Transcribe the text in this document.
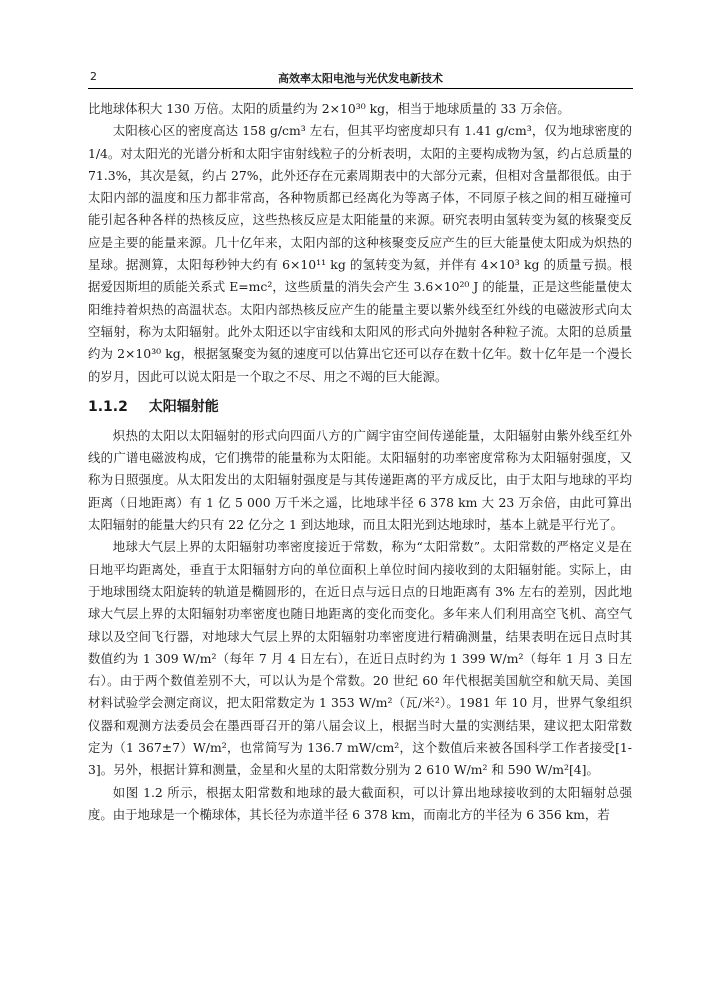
2	高效率太阳电池与光伏发电新技术

比地球体积大 130 万倍。太阳的质量约为 2×10³⁰ kg，相当于地球质量的 33 万余倍。

太阳核心区的密度高达 158 g/cm³ 左右，但其平均密度却只有 1.41 g/cm³，仅为地球密度的 1/4。对太阳光的光谱分析和太阳宇宙射线粒子的分析表明，太阳的主要构成物为氢，约占总质量的 71.3%，其次是氦，约占 27%，此外还存在元素周期表中的大部分元素，但相对含量都很低。由于太阳内部的温度和压力都非常高，各种物质都已经离化为等离子体，不同原子核之间的相互碰撞可能引起各种各样的热核反应，这些热核反应是太阳能量的来源。研究表明由氢转变为氦的核聚变反应是主要的能量来源。几十亿年来，太阳内部的这种核聚变反应产生的巨大能量使太阳成为炽热的星球。据测算，太阳每秒钟大约有 6×10¹¹ kg 的氢转变为氦，并伴有 4×10³ kg 的质量亏损。根据爱因斯坦的质能关系式 E=mc²，这些质量的消失会产生 3.6×10²⁰ J 的能量，正是这些能量使太阳维持着炽热的高温状态。太阳内部热核反应产生的能量主要以紫外线至红外线的电磁波形式向太空辐射，称为太阳辐射。此外太阳还以宇宙线和太阳风的形式向外抛射各种粒子流。太阳的总质量约为 2×10³⁰ kg，根据氢聚变为氦的速度可以估算出它还可以存在数十亿年。数十亿年是一个漫长的岁月，因此可以说太阳是一个取之不尽、用之不竭的巨大能源。

1.1.2 太阳辐射能

炽热的太阳以太阳辐射的形式向四面八方的广阔宇宙空间传递能量，太阳辐射由紫外线至红外线的广谱电磁波构成，它们携带的能量称为太阳能。太阳辐射的功率密度常称为太阳辐射强度，又称为日照强度。从太阳发出的太阳辐射强度是与其传递距离的平方成反比，由于太阳与地球的平均距离（日地距离）有 1 亿 5 000 万千米之遥，比地球半径 6 378 km 大 23 万余倍，由此可算出太阳辐射的能量大约只有 22 亿分之 1 到达地球，而且太阳光到达地球时，基本上就是平行光了。

地球大气层上界的太阳辐射功率密度接近于常数，称为“太阳常数”。太阳常数的严格定义是在日地平均距离处，垂直于太阳辐射方向的单位面积上单位时间内接收到的太阳辐射能。实际上，由于地球围绕太阳旋转的轨道是椭圆形的，在近日点与远日点的日地距离有 3% 左右的差别，因此地球大气层上界的太阳辐射功率密度也随日地距离的变化而变化。多年来人们利用高空飞机、高空气球以及空间飞行器，对地球大气层上界的太阳辐射功率密度进行精确测量，结果表明在远日点时其数值约为 1 309 W/m²（每年 7 月 4 日左右），在近日点时约为 1 399 W/m²（每年 1 月 3 日左右）。由于两个数值差别不大，可以认为是个常数。20 世纪 60 年代根据美国航空和航天局、美国材料试验学会测定商议，把太阳常数定为 1 353 W/m²（瓦/米²）。1981 年 10 月，世界气象组织仪器和观测方法委员会在墨西哥召开的第八届会议上，根据当时大量的实测结果，建议把太阳常数定为（1 367±7）W/m²，也常简写为 136.7 mW/cm²，这个数值后来被各国科学工作者接受[1-3]。另外，根据计算和测量，金星和火星的太阳常数分别为 2 610 W/m² 和 590 W/m²[4]。

如图 1.2 所示，根据太阳常数和地球的最大截面积，可以计算出地球接收到的太阳辐射总强度。由于地球是一个椭球体，其长径为赤道半径 6 378 km，而南北方的半径为 6 356 km，若
